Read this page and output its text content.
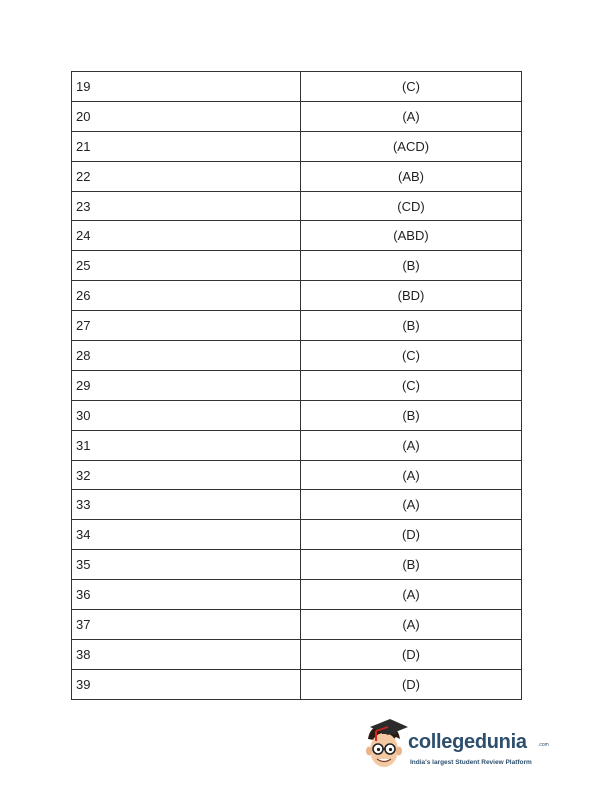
19	(C)
20	(A)
21	(ACD)
22	(AB)
23	(CD)
24	(ABD)
25	(B)
26	(BD)
27	(B)
28	(C)
29	(C)
30	(B)
31	(A)
32	(A)
33	(A)
34	(D)
35	(B)
36	(A)
37	(A)
38	(D)
39	(D)
collegedunia .com
India's largest Student Review Platform
